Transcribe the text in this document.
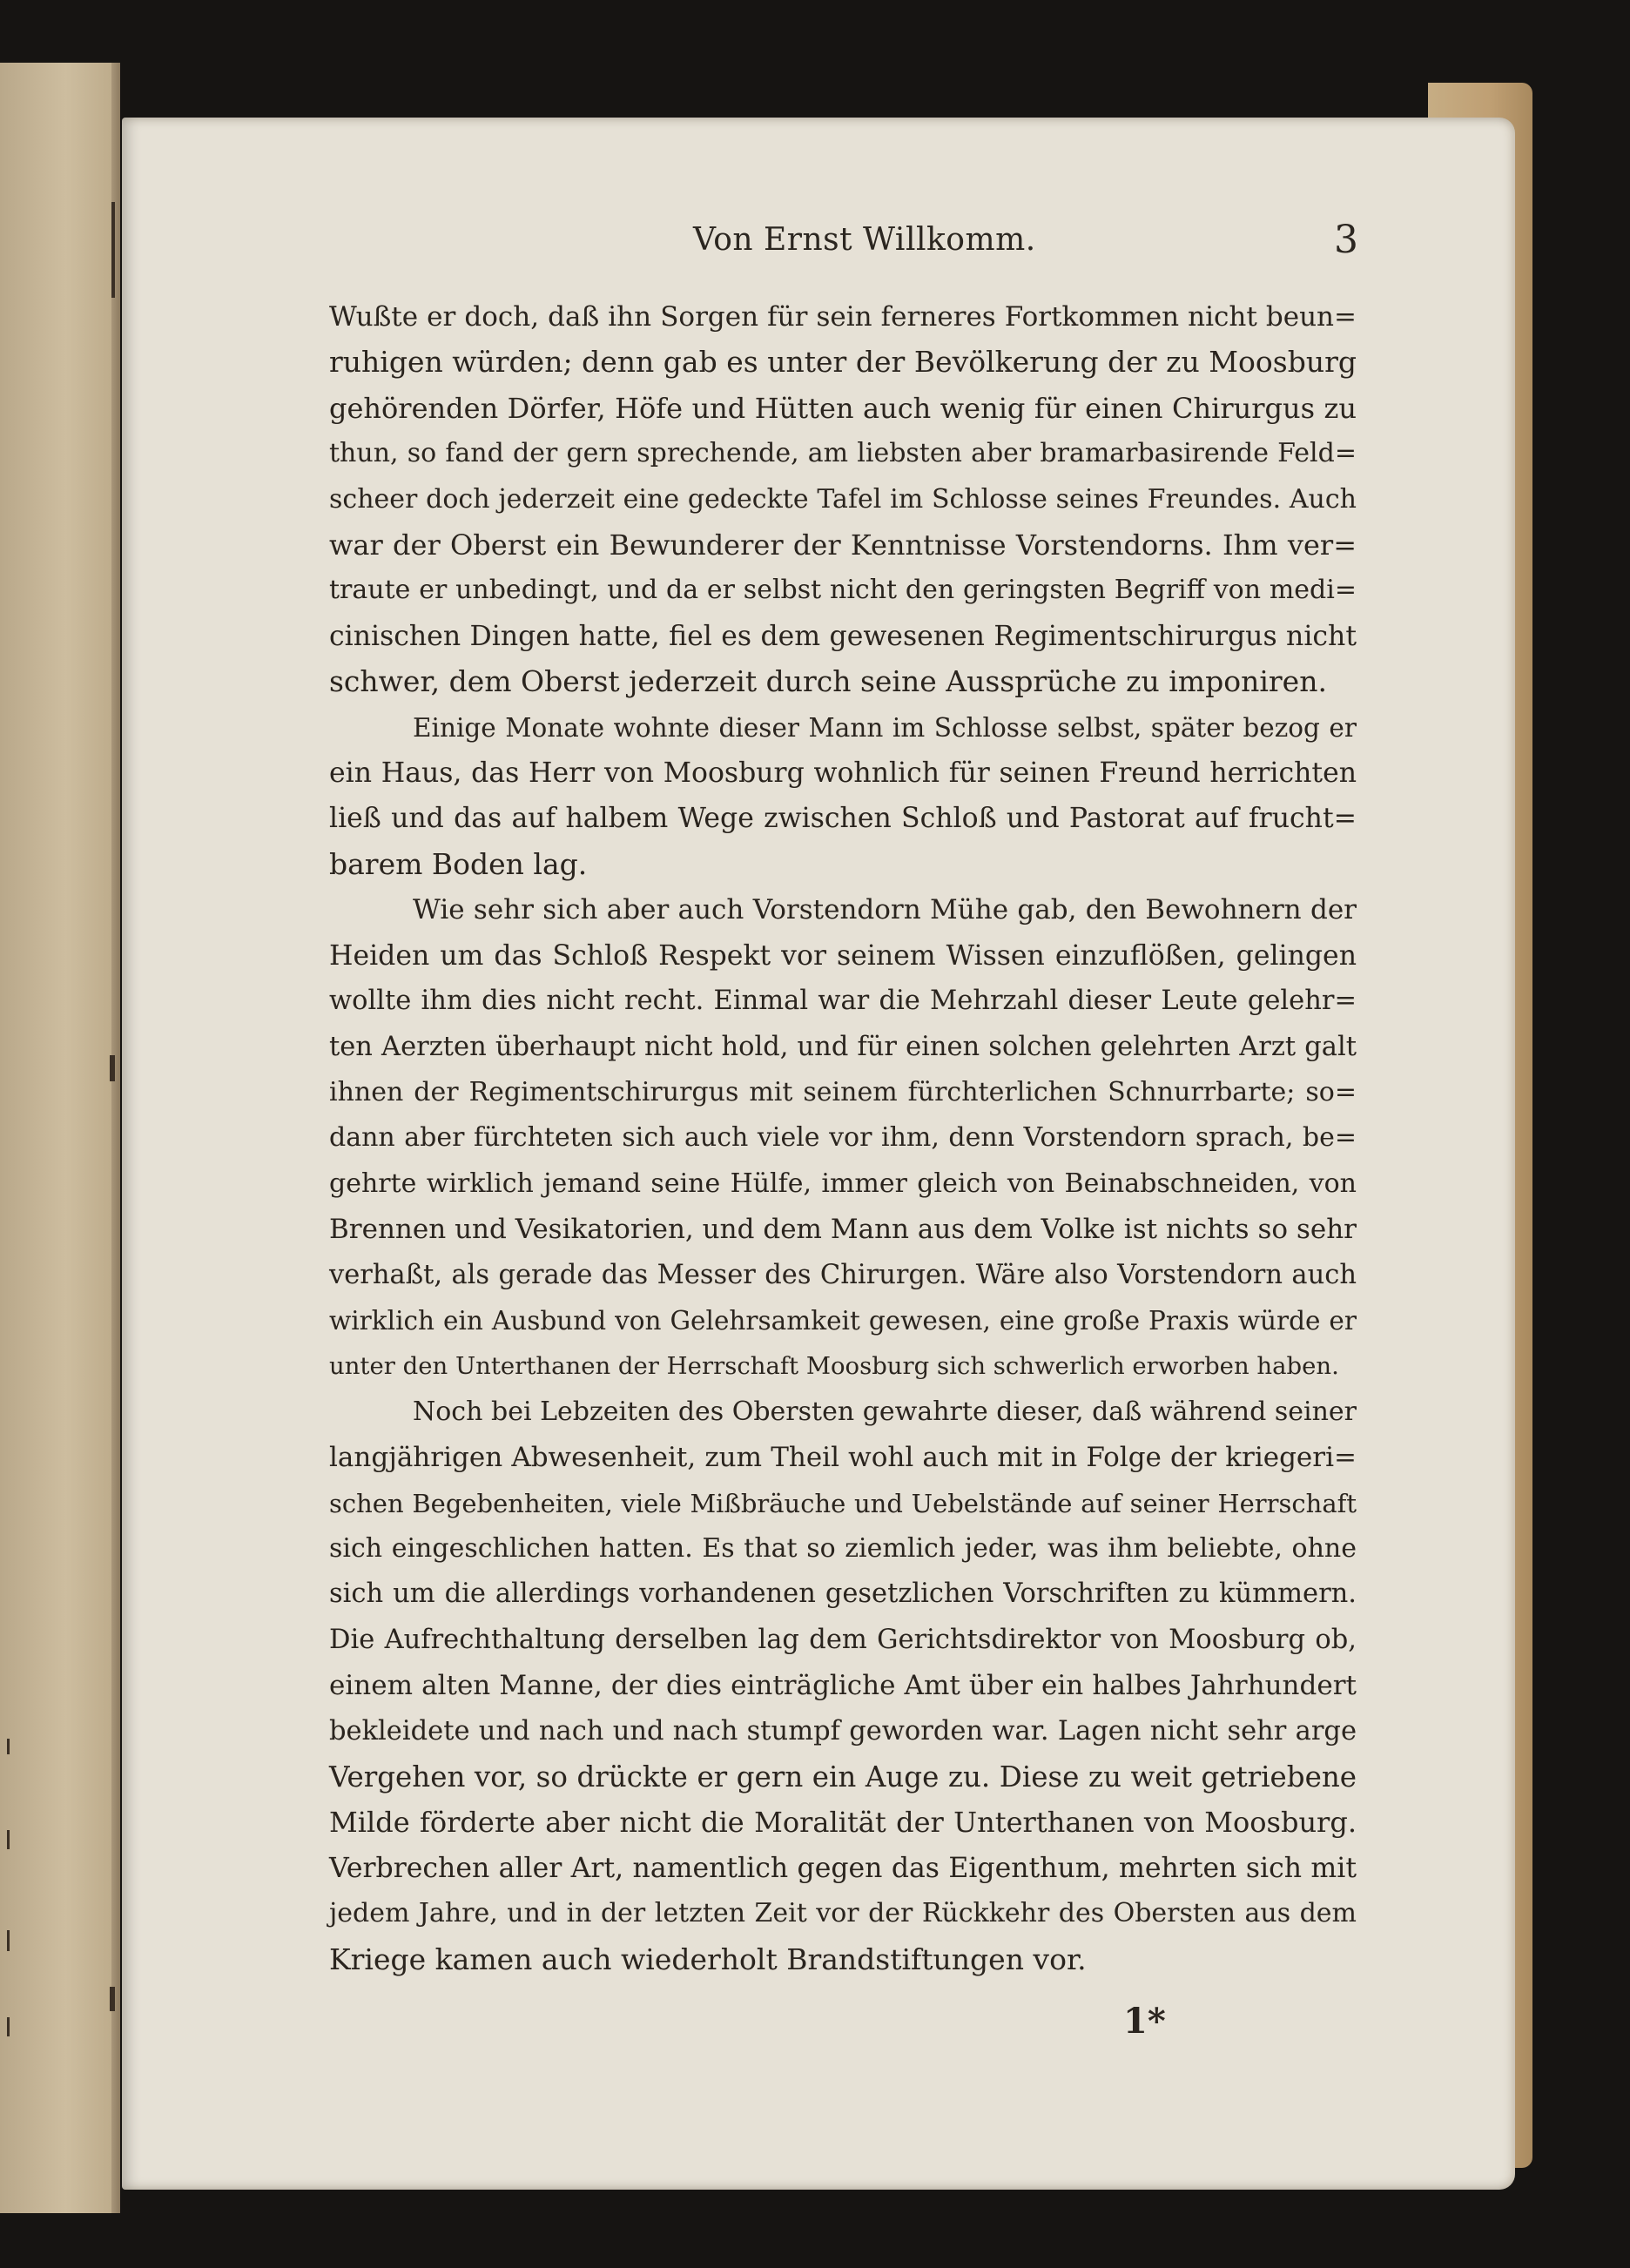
Von Ernst Willkomm.	3
Wußte er doch, daß ihn Sorgen für sein ferneres Fortkommen nicht beun=
ruhigen würden; denn gab es unter der Bevölkerung der zu Moosburg
gehörenden Dörfer, Höfe und Hütten auch wenig für einen Chirurgus zu
thun, so fand der gern sprechende, am liebsten aber bramarbasirende Feld=
scheer doch jederzeit eine gedeckte Tafel im Schlosse seines Freundes. Auch
war der Oberst ein Bewunderer der Kenntnisse Vorstendorns. Ihm ver=
traute er unbedingt, und da er selbst nicht den geringsten Begriff von medi=
cinischen Dingen hatte, fiel es dem gewesenen Regimentschirurgus nicht
schwer, dem Oberst jederzeit durch seine Aussprüche zu imponiren.
Einige Monate wohnte dieser Mann im Schlosse selbst, später bezog er
ein Haus, das Herr von Moosburg wohnlich für seinen Freund herrichten
ließ und das auf halbem Wege zwischen Schloß und Pastorat auf frucht=
barem Boden lag.
Wie sehr sich aber auch Vorstendorn Mühe gab, den Bewohnern der
Heiden um das Schloß Respekt vor seinem Wissen einzuflößen, gelingen
wollte ihm dies nicht recht. Einmal war die Mehrzahl dieser Leute gelehr=
ten Aerzten überhaupt nicht hold, und für einen solchen gelehrten Arzt galt
ihnen der Regimentschirurgus mit seinem fürchterlichen Schnurrbarte; so=
dann aber fürchteten sich auch viele vor ihm, denn Vorstendorn sprach, be=
gehrte wirklich jemand seine Hülfe, immer gleich von Beinabschneiden, von
Brennen und Vesikatorien, und dem Mann aus dem Volke ist nichts so sehr
verhaßt, als gerade das Messer des Chirurgen. Wäre also Vorstendorn auch
wirklich ein Ausbund von Gelehrsamkeit gewesen, eine große Praxis würde er
unter den Unterthanen der Herrschaft Moosburg sich schwerlich erworben haben.
Noch bei Lebzeiten des Obersten gewahrte dieser, daß während seiner
langjährigen Abwesenheit, zum Theil wohl auch mit in Folge der kriegeri=
schen Begebenheiten, viele Mißbräuche und Uebelstände auf seiner Herrschaft
sich eingeschlichen hatten. Es that so ziemlich jeder, was ihm beliebte, ohne
sich um die allerdings vorhandenen gesetzlichen Vorschriften zu kümmern.
Die Aufrechthaltung derselben lag dem Gerichtsdirektor von Moosburg ob,
einem alten Manne, der dies einträgliche Amt über ein halbes Jahrhundert
bekleidete und nach und nach stumpf geworden war. Lagen nicht sehr arge
Vergehen vor, so drückte er gern ein Auge zu. Diese zu weit getriebene
Milde förderte aber nicht die Moralität der Unterthanen von Moosburg.
Verbrechen aller Art, namentlich gegen das Eigenthum, mehrten sich mit
jedem Jahre, und in der letzten Zeit vor der Rückkehr des Obersten aus dem
Kriege kamen auch wiederholt Brandstiftungen vor.
1*
